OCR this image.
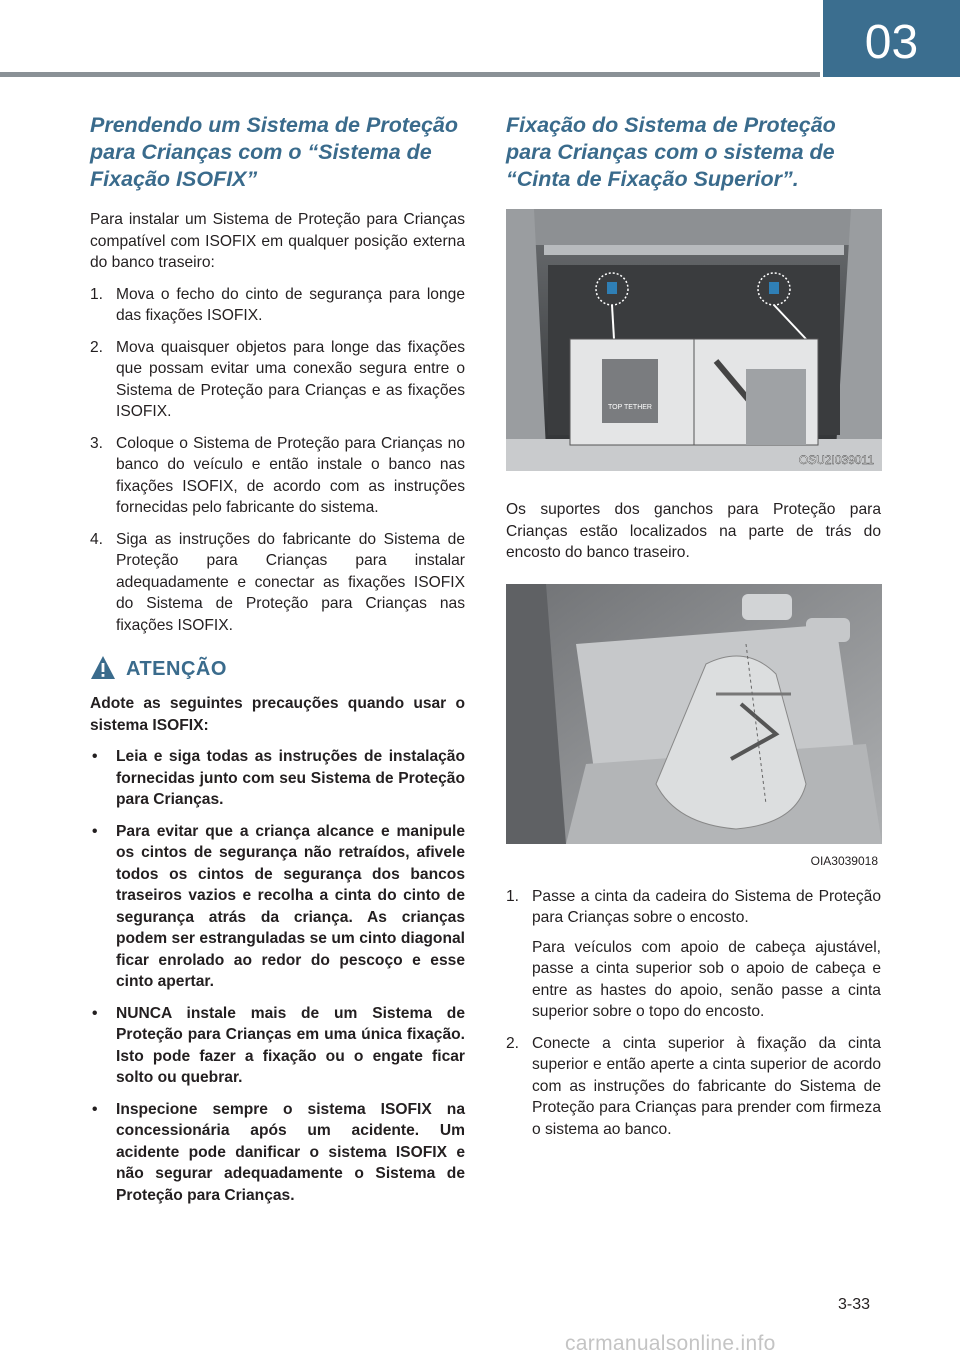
03
Prendendo um Sistema de Proteção para Crianças com o “Sistema de Fixação ISOFIX”

Para instalar um Sistema de Proteção para Crianças compatível com ISOFIX em qualquer posição externa do banco traseiro:

1. Mova o fecho do cinto de segurança para longe das fixações ISOFIX.
2. Mova quaisquer objetos para longe das fixações que possam evitar uma conexão segura entre o Sistema de Proteção para Crianças e as fixações ISOFIX.
3. Coloque o Sistema de Proteção para Crianças no banco do veículo e então instale o banco nas fixações ISOFIX, de acordo com as instruções fornecidas pelo fabricante do sistema.
4. Siga as instruções do fabricante do Sistema de Proteção para Crianças para instalar adequadamente e conectar as fixações ISOFIX do Sistema de Proteção para Crianças nas fixações ISOFIX.
ATENÇÃO
Adote as seguintes precauções quando usar o sistema ISOFIX:
• Leia e siga todas as instruções de instalação fornecidas junto com seu Sistema de Proteção para Crianças.
• Para evitar que a criança alcance e manipule os cintos de segurança não retraídos, afivele todos os cintos de segurança dos bancos traseiros vazios e recolha a cinta do cinto de segurança atrás da criança. As crianças podem ser estranguladas se um cinto diagonal ficar enrolado ao redor do pescoço e esse cinto apertar.
• NUNCA instale mais de um Sistema de Proteção para Crianças em uma única fixação. Isto pode fazer a fixação ou o engate ficar solto ou quebrar.
• Inspecione sempre o sistema ISOFIX na concessionária após um acidente. Um acidente pode danificar o sistema ISOFIX e não segurar adequadamente o Sistema de Proteção para Crianças.
Fixação do Sistema de Proteção para Crianças com o sistema de “Cinta de Fixação Superior”.
TOP TETHER
OSU2I039011

Os suportes dos ganchos para Proteção para Crianças estão localizados na parte de trás do encosto do banco traseiro.

OIA3039018
1. Passe a cinta da cadeira do Sistema de Proteção para Crianças sobre o encosto.

Para veículos com apoio de cabeça ajustável, passe a cinta superior sob o apoio de cabeça e entre as hastes do apoio, senão passe a cinta superior sobre o topo do encosto.

2. Conecte a cinta superior à fixação da cinta superior e então aperte a cinta superior de acordo com as instruções do fabricante do Sistema de Proteção para Crianças para prender com firmeza o sistema ao banco.
3-33
carmanualsonline.info
